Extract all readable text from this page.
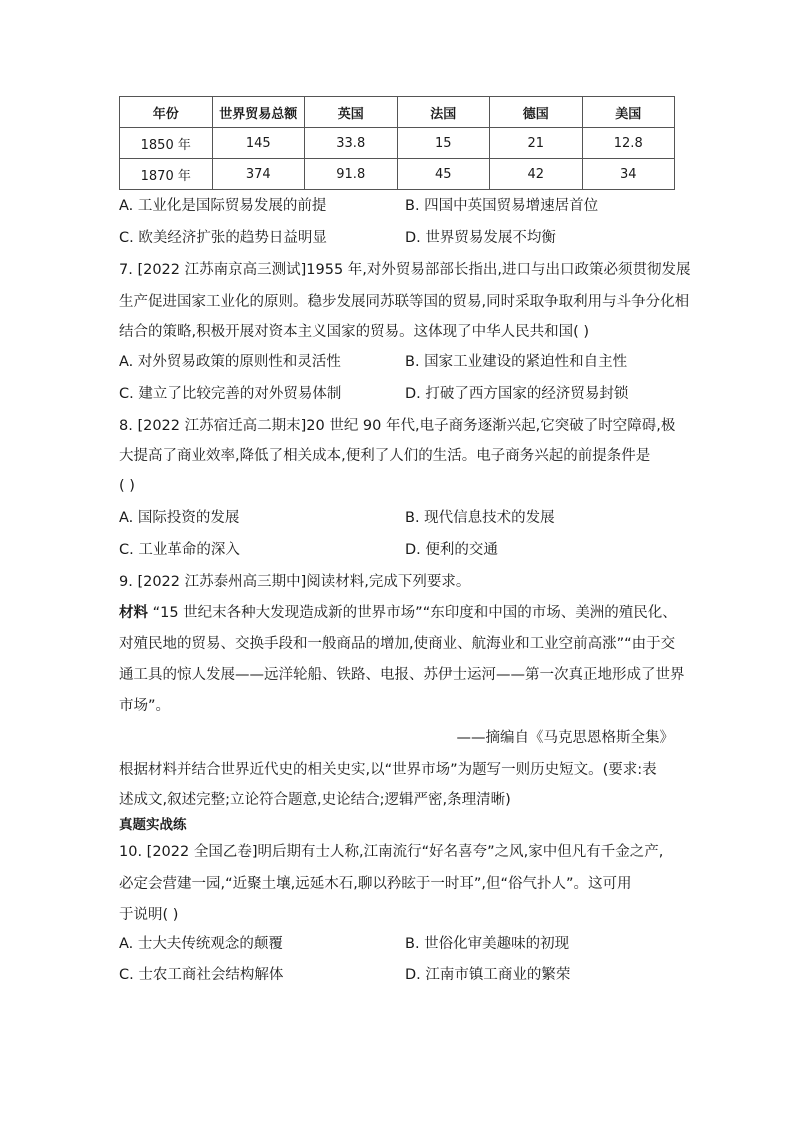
年份	世界贸易总额	英国	法国	德国	美国
1850 年	145	33.8	15	21	12.8
1870 年	374	91.8	45	42	34
A. 工业化是国际贸易发展的前提	B. 四国中英国贸易增速居首位
C. 欧美经济扩张的趋势日益明显	D. 世界贸易发展不均衡
7. [2022 江苏南京高三测试]1955 年,对外贸易部部长指出,进口与出口政策必须贯彻发展
生产促进国家工业化的原则。稳步发展同苏联等国的贸易,同时采取争取利用与斗争分化相
结合的策略,积极开展对资本主义国家的贸易。这体现了中华人民共和国( )
A. 对外贸易政策的原则性和灵活性	B. 国家工业建设的紧迫性和自主性
C. 建立了比较完善的对外贸易体制	D. 打破了西方国家的经济贸易封锁
8. [2022 江苏宿迁高二期末]20 世纪 90 年代,电子商务逐渐兴起,它突破了时空障碍,极
大提高了商业效率,降低了相关成本,便利了人们的生活。电子商务兴起的前提条件是
( )
A. 国际投资的发展	B. 现代信息技术的发展
C. 工业革命的深入	D. 便利的交通
9. [2022 江苏泰州高三期中]阅读材料,完成下列要求。
材料 “15 世纪末各种大发现造成新的世界市场”“东印度和中国的市场、美洲的殖民化、
对殖民地的贸易、交换手段和一般商品的增加,使商业、航海业和工业空前高涨”“由于交
通工具的惊人发展——远洋轮船、铁路、电报、苏伊士运河——第一次真正地形成了世界
市场”。
——摘编自《马克思恩格斯全集》
根据材料并结合世界近代史的相关史实,以“世界市场”为题写一则历史短文。(要求:表
述成文,叙述完整;立论符合题意,史论结合;逻辑严密,条理清晰)
真题实战练
10. [2022 全国乙卷]明后期有士人称,江南流行“好名喜夸”之风,家中但凡有千金之产,
必定会营建一园,“近聚土壤,远延木石,聊以矜眩于一时耳”,但“俗气扑人”。这可用
于说明( )
A. 士大夫传统观念的颠覆	B. 世俗化审美趣味的初现
C. 士农工商社会结构解体	D. 江南市镇工商业的繁荣
